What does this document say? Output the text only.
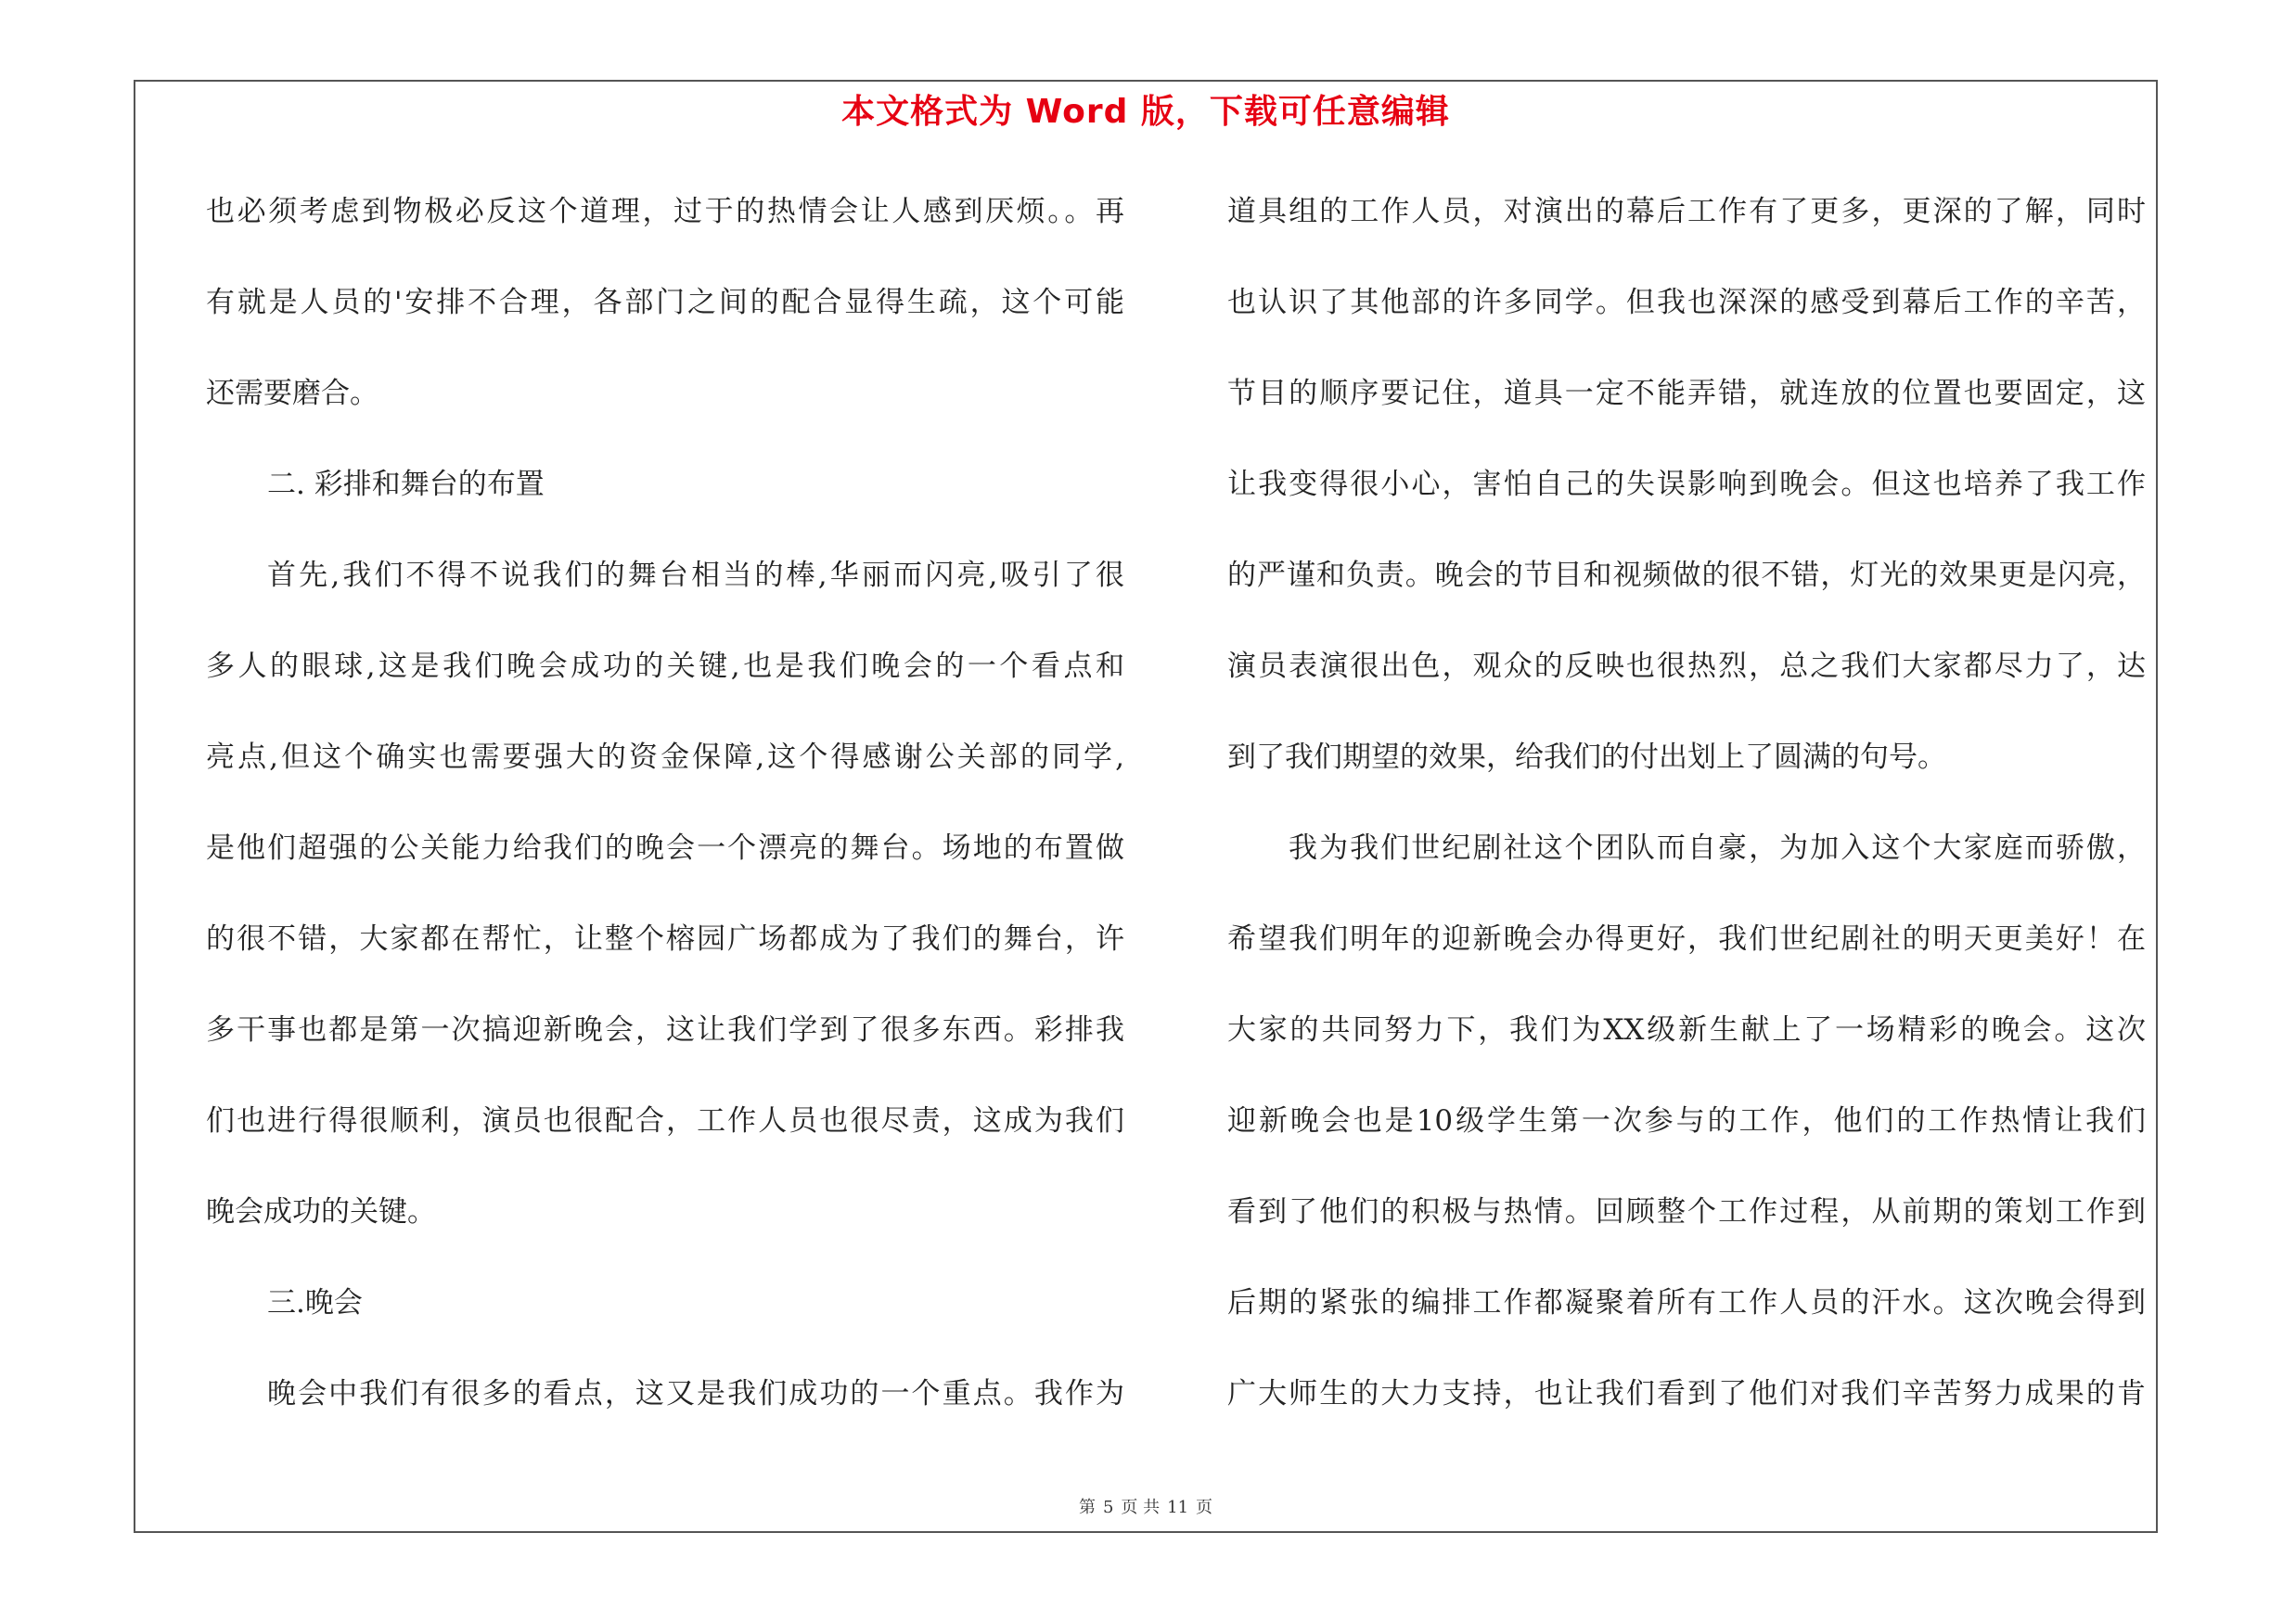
本文格式为 Word 版，下载可任意编辑
也必须考虑到物极必反这个道理，过于的热情会让人感到厌烦。。再
有就是人员的'安排不合理，各部门之间的配合显得生疏，这个可能
还需要磨合。
二. 彩排和舞台的布置
首先,我们不得不说我们的舞台相当的棒,华丽而闪亮,吸引了很
多人的眼球,这是我们晚会成功的关键,也是我们晚会的一个看点和
亮点,但这个确实也需要强大的资金保障,这个得感谢公关部的同学,
是他们超强的公关能力给我们的晚会一个漂亮的舞台。场地的布置做
的很不错，大家都在帮忙，让整个榕园广场都成为了我们的舞台，许
多干事也都是第一次搞迎新晚会，这让我们学到了很多东西。彩排我
们也进行得很顺利，演员也很配合，工作人员也很尽责，这成为我们
晚会成功的关键。
三.晚会
晚会中我们有很多的看点，这又是我们成功的一个重点。我作为
道具组的工作人员，对演出的幕后工作有了更多，更深的了解，同时
也认识了其他部的许多同学。但我也深深的感受到幕后工作的辛苦，
节目的顺序要记住，道具一定不能弄错，就连放的位置也要固定，这
让我变得很小心，害怕自己的失误影响到晚会。但这也培养了我工作
的严谨和负责。晚会的节目和视频做的很不错，灯光的效果更是闪亮，
演员表演很出色，观众的反映也很热烈，总之我们大家都尽力了，达
到了我们期望的效果，给我们的付出划上了圆满的句号。
我为我们世纪剧社这个团队而自豪，为加入这个大家庭而骄傲，
希望我们明年的迎新晚会办得更好，我们世纪剧社的明天更美好！在
大家的共同努力下，我们为XX级新生献上了一场精彩的晚会。这次
迎新晚会也是10级学生第一次参与的工作，他们的工作热情让我们
看到了他们的积极与热情。回顾整个工作过程，从前期的策划工作到
后期的紧张的编排工作都凝聚着所有工作人员的汗水。这次晚会得到
广大师生的大力支持，也让我们看到了他们对我们辛苦努力成果的肯
第 5 页 共 11 页
